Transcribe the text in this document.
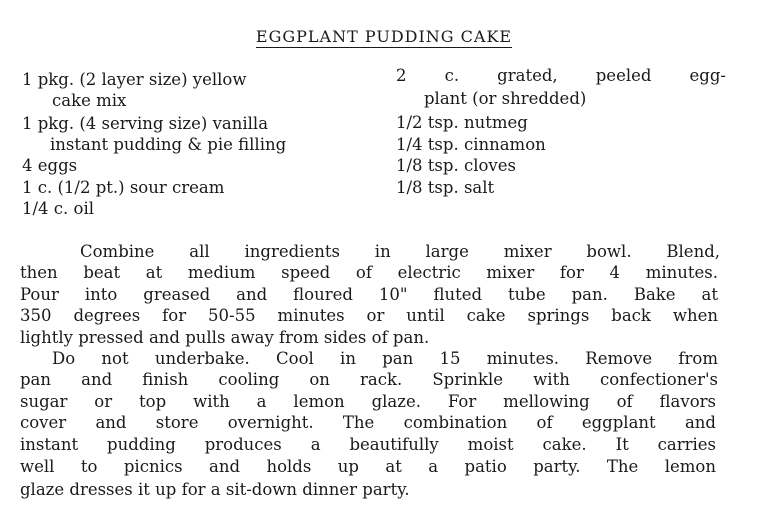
EGGPLANT PUDDING CAKE
1 pkg. (2 layer size) yellow
cake mix
1 pkg. (4 serving size) vanilla
instant pudding & pie filling
4 eggs
1 c. (1/2 pt.) sour cream
1/4 c. oil
2 c. grated, peeled egg-
plant (or shredded)
1/2 tsp. nutmeg
1/4 tsp. cinnamon
1/8 tsp. cloves
1/8 tsp. salt
Combine all ingredients in large mixer bowl. Blend,
then beat at medium speed of electric mixer for 4 minutes.
Pour into greased and floured 10" fluted tube pan. Bake at
350 degrees for 50-55 minutes or until cake springs back when
lightly pressed and pulls away from sides of pan.
Do not underbake. Cool in pan 15 minutes. Remove from
pan and finish cooling on rack. Sprinkle with confectioner's
sugar or top with a lemon glaze. For mellowing of flavors
cover and store overnight. The combination of eggplant and
instant pudding produces a beautifully moist cake. It carries
well to picnics and holds up at a patio party. The lemon
glaze dresses it up for a sit-down dinner party.
